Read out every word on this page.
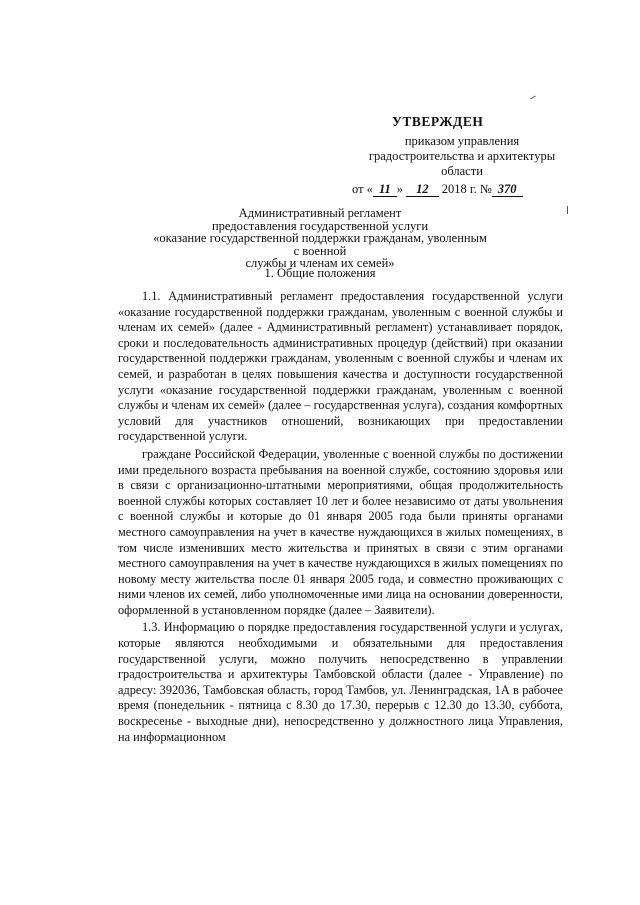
УТВЕРЖДЕН
приказом управления
градостроительства и архитектуры
области
от « 11 » 12 2018 г. № 370
Административный регламент
предоставления государственной услуги
«оказание государственной поддержки гражданам, уволенным с военной
службы и членам их семей»
1. Общие положения

1.1. Административный регламент предоставления государственной услуги «оказание государственной поддержки гражданам, уволенным с военной службы и членам их семей» (далее - Административный регламент) устанавливает порядок, сроки и последовательность административных процедур (действий) при оказании государственной поддержки гражданам, уволенным с военной службы и членам их семей, и разработан в целях повышения качества и доступности государственной услуги «оказание государственной поддержки гражданам, уволенным с военной службы и членам их семей» (далее – государственная услуга), создания комфортных условий для участников отношений, возникающих при предоставлении государственной услуги.

граждане Российской Федерации, уволенные с военной службы по достижении ими предельного возраста пребывания на военной службе, состоянию здоровья или в связи с организационно-штатными мероприятиями, общая продолжительность военной службы которых составляет 10 лет и более независимо от даты увольнения с военной службы и которые до 01 января 2005 года были приняты органами местного самоуправления на учет в качестве нуждающихся в жилых помещениях, в том числе изменивших место жительства и принятых в связи с этим органами местного самоуправления на учет в качестве нуждающихся в жилых помещениях по новому месту жительства после 01 января 2005 года, и совместно проживающих с ними членов их семей, либо уполномоченные ими лица на основании доверенности, оформленной в установленном порядке (далее – Заявители).

1.3. Информацию о порядке предоставления государственной услуги и услугах, которые являются необходимыми и обязательными для предоставления государственной услуги, можно получить непосредственно в управлении градостроительства и архитектуры Тамбовской области (далее - Управление) по адресу: 392036, Тамбовская область, город Тамбов, ул. Ленинградская, 1А в рабочее время (понедельник - пятница с 8.30 до 17.30, перерыв с 12.30 до 13.30, суббота, воскресенье - выходные дни), непосредственно у должностного лица Управления, на информационном
